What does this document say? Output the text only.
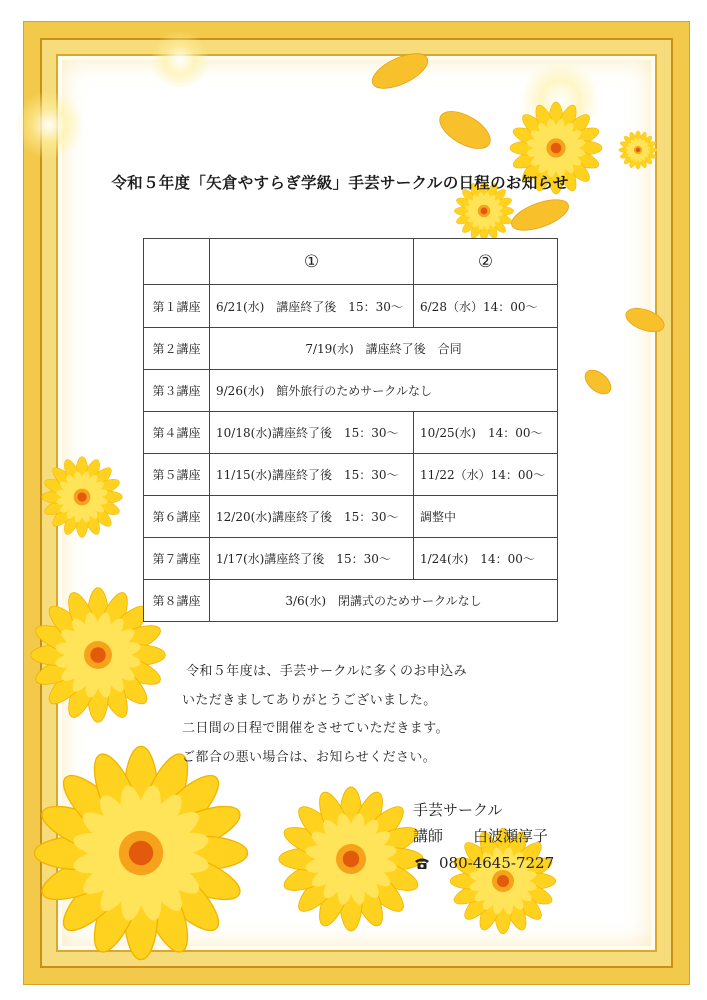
令和５年度「矢倉やすらぎ学級」手芸サークルの日程のお知らせ
	①	②
第１講座	6/21(水)　講座終了後　15：30～	6/28（水）14：00～
第２講座	7/19(水)　講座終了後　合同	
第３講座	9/26(水)　館外旅行のためサークルなし	
第４講座	10/18(水)講座終了後　15：30～	10/25(水)　14：00～
第５講座	11/15(水)講座終了後　15：30～	11/22（水）14：00～
第６講座	12/20(水)講座終了後　15：30～	調整中
第７講座	1/17(水)講座終了後　15：30～	1/24(水)　14：00～
第８講座	3/6(水)　閉講式のためサークルなし	
令和５年度は、手芸サークルに多くのお申込み
いただきましてありがとうございました。
二日間の日程で開催をさせていただきます。
ご都合の悪い場合は、お知らせください。
手芸サークル
講師 白波瀬淳子
080-4645-7227
